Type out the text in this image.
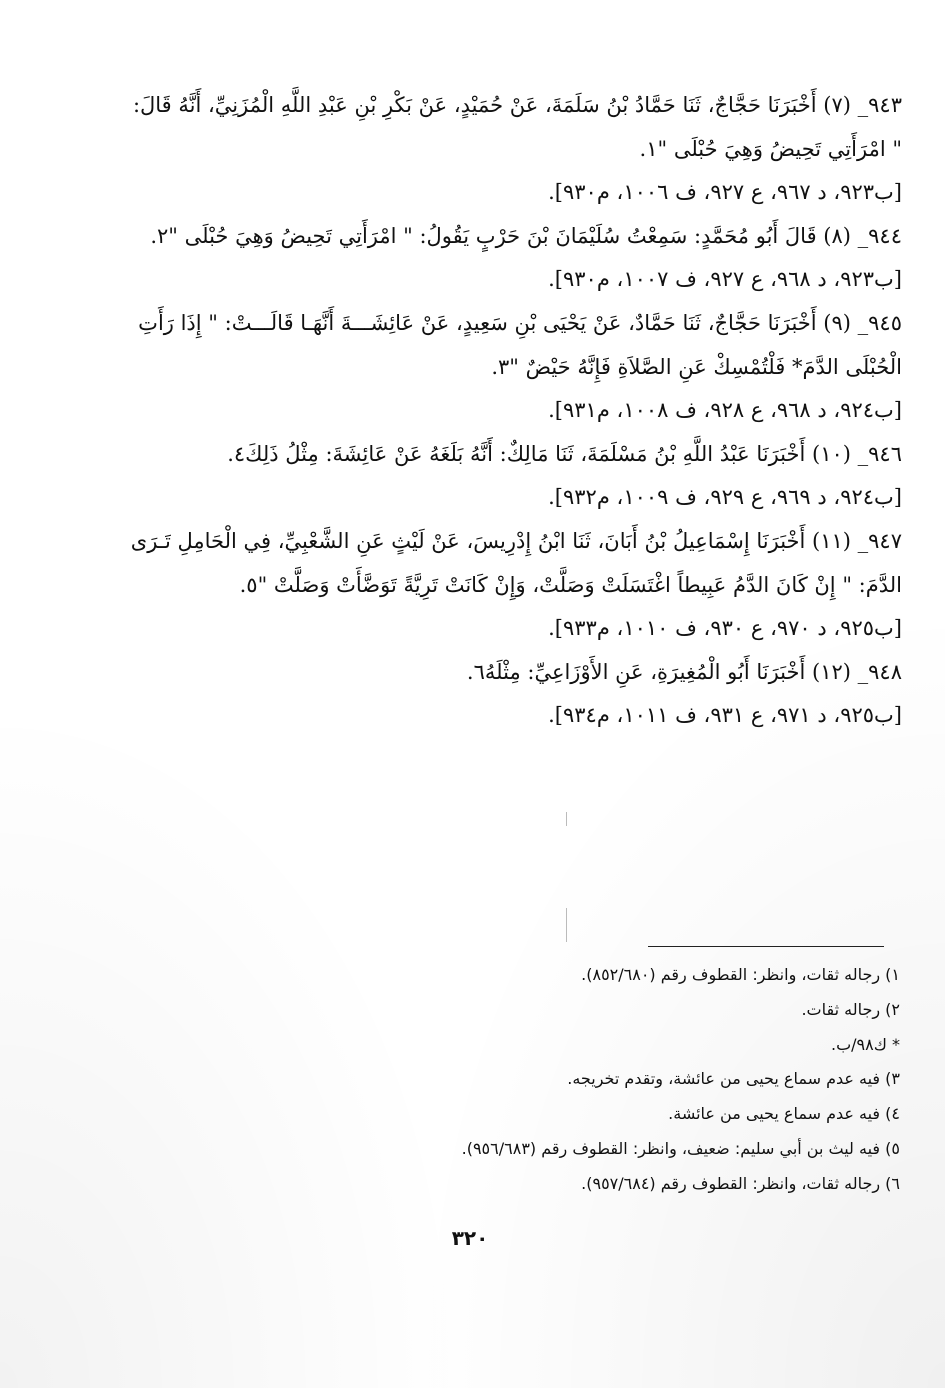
٩٤٣_ (٧) أَخْبَرَنَا حَجَّاجٌ، ثَنَا حَمَّادُ بْنُ سَلَمَةَ، عَنْ حُمَيْدٍ، عَنْ بَكْرِ بْنِ عَبْدِ اللَّهِ الْمُزَنِيِّ، أَنَّهُ قَالَ:

" امْرَأَتِي تَحِيضُ وَهِيَ حُبْلَى "١.

[ب٩٢٣، د ٩٦٧، ع ٩٢٧، ف ١٠٠٦، م٩٣٠].

٩٤٤_ (٨) قَالَ أَبُو مُحَمَّدٍ: سَمِعْتُ سُلَيْمَانَ بْنَ حَرْبٍ يَقُولُ: " امْرَأَتِي تَحِيضُ وَهِيَ حُبْلَى "٢.

[ب٩٢٣، د ٩٦٨، ع ٩٢٧، ف ١٠٠٧، م٩٣٠].

٩٤٥_ (٩) أَخْبَرَنَا حَجَّاجٌ، ثَنَا حَمَّادٌ، عَنْ يَحْيَى بْنِ سَعِيدٍ، عَنْ عَائِشَـــةَ أَنَّهَـا قَالَـــتْ: " إِذَا رَأَتِ

الْحُبْلَى الدَّمَ* فَلْتُمْسِكْ عَنِ الصَّلاَةِ فَإِنَّهُ حَيْضٌ "٣.

[ب٩٢٤، د ٩٦٨، ع ٩٢٨، ف ١٠٠٨، م٩٣١].

٩٤٦_ (١٠) أَخْبَرَنَا عَبْدُ اللَّهِ بْنُ مَسْلَمَةَ، ثَنَا مَالِكٌ: أَنَّهُ بَلَغَهُ عَنْ عَائِشَةَ: مِثْلُ ذَلِكَ٤.

[ب٩٢٤، د ٩٦٩، ع ٩٢٩، ف ١٠٠٩، م٩٣٢].

٩٤٧_ (١١) أَخْبَرَنَا إِسْمَاعِيلُ بْنُ أَبَانَ، ثَنَا ابْنُ إِدْرِيسَ، عَنْ لَيْثٍ عَنِ الشَّعْبِيِّ، فِي الْحَامِلِ تَـرَى

الدَّمَ: " إِنْ كَانَ الدَّمُ عَبِيطاً اغْتَسَلَتْ وَصَلَّتْ، وَإِنْ كَانَتْ تَرِيَّةً تَوَضَّأَتْ وَصَلَّتْ "٥.

[ب٩٢٥، د ٩٧٠، ع ٩٣٠، ف ١٠١٠، م٩٣٣].

٩٤٨_ (١٢) أَخْبَرَنَا أَبُو الْمُغِيرَةِ، عَنِ الأَوْزَاعِيِّ: مِثْلَهُ٦.

[ب٩٢٥، د ٩٧١، ع ٩٣١، ف ١٠١١، م٩٣٤].

١) رجاله ثقات، وانظر: القطوف رقم (٨٥٢/٦٨٠).

٢) رجاله ثقات.

* ك٩٨/ب.

٣) فيه عدم سماع يحيى من عائشة، وتقدم تخريجه.

٤) فيه عدم سماع يحيى من عائشة.

٥) فيه ليث بن أبي سليم: ضعيف، وانظر: القطوف رقم (٩٥٦/٦٨٣).

٦) رجاله ثقات، وانظر: القطوف رقم (٩٥٧/٦٨٤).

٣٢٠
